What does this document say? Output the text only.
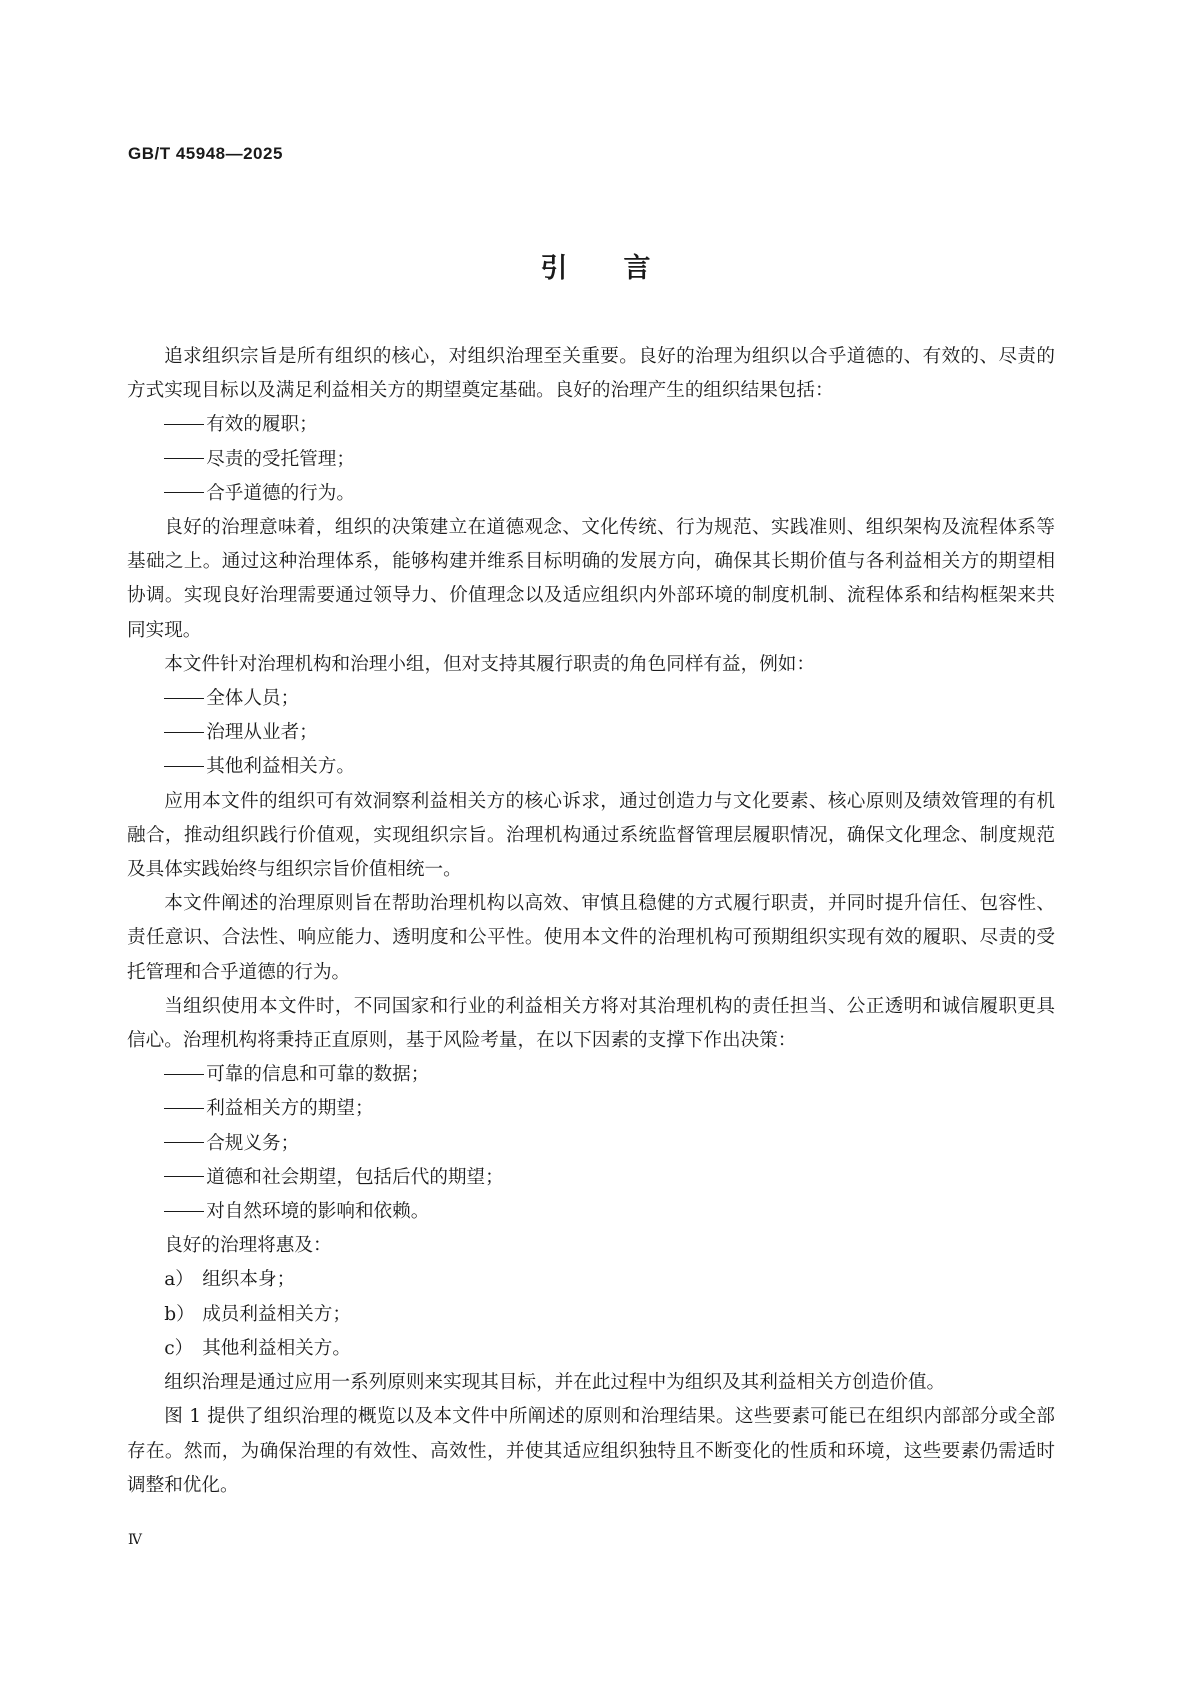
GB/T 45948—2025
引言

追求组织宗旨是所有组织的核心，对组织治理至关重要。良好的治理为组织以合乎道德的、有效的、尽责的方式实现目标以及满足利益相关方的期望奠定基础。良好的治理产生的组织结果包括：

有效的履职；
尽责的受托管理；
合乎道德的行为。

良好的治理意味着，组织的决策建立在道德观念、文化传统、行为规范、实践准则、组织架构及流程体系等基础之上。通过这种治理体系，能够构建并维系目标明确的发展方向，确保其长期价值与各利益相关方的期望相协调。实现良好治理需要通过领导力、价值理念以及适应组织内外部环境的制度机制、流程体系和结构框架来共同实现。

本文件针对治理机构和治理小组，但对支持其履行职责的角色同样有益，例如：

全体人员；
治理从业者；
其他利益相关方。

应用本文件的组织可有效洞察利益相关方的核心诉求，通过创造力与文化要素、核心原则及绩效管理的有机融合，推动组织践行价值观，实现组织宗旨。治理机构通过系统监督管理层履职情况，确保文化理念、制度规范及具体实践始终与组织宗旨价值相统一。

本文件阐述的治理原则旨在帮助治理机构以高效、审慎且稳健的方式履行职责，并同时提升信任、包容性、责任意识、合法性、响应能力、透明度和公平性。使用本文件的治理机构可预期组织实现有效的履职、尽责的受托管理和合乎道德的行为。

当组织使用本文件时，不同国家和行业的利益相关方将对其治理机构的责任担当、公正透明和诚信履职更具信心。治理机构将秉持正直原则，基于风险考量，在以下因素的支撑下作出决策：

可靠的信息和可靠的数据；
利益相关方的期望；
合规义务；
道德和社会期望，包括后代的期望；
对自然环境的影响和依赖。

良好的治理将惠及：

a） 组织本身；
b） 成员利益相关方；
c） 其他利益相关方。

组织治理是通过应用一系列原则来实现其目标，并在此过程中为组织及其利益相关方创造价值。

图 1 提供了组织治理的概览以及本文件中所阐述的原则和治理结果。这些要素可能已在组织内部部分或全部存在。然而，为确保治理的有效性、高效性，并使其适应组织独特且不断变化的性质和环境，这些要素仍需适时调整和优化。

Ⅳ
